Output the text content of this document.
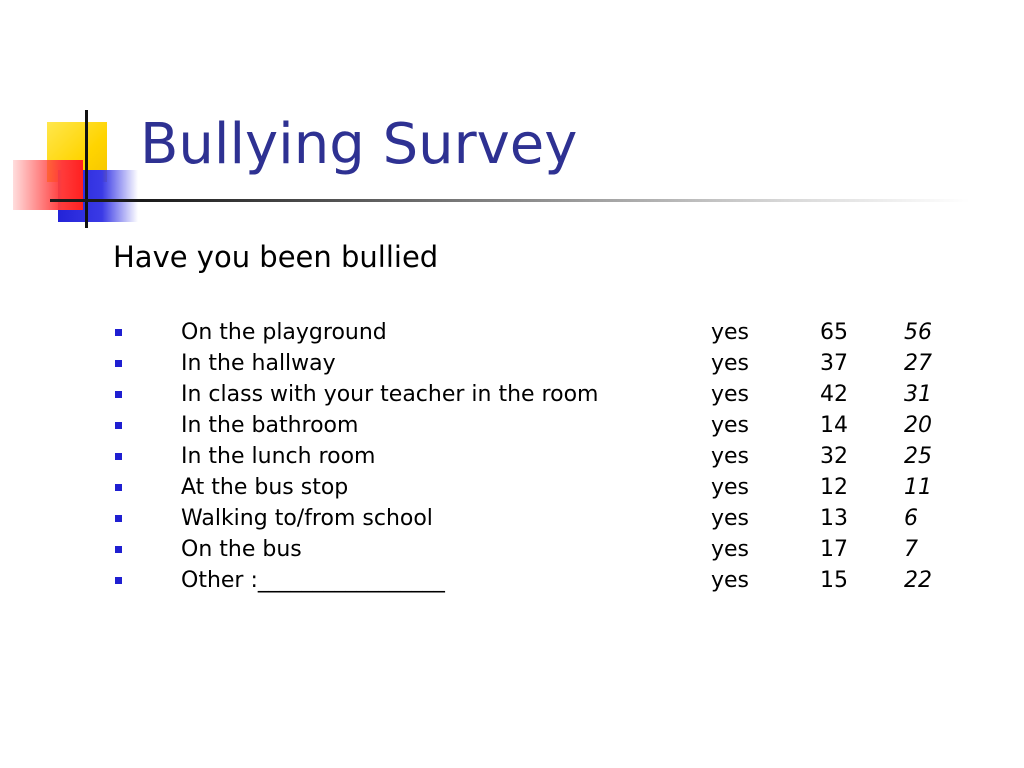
Bullying Survey
Have you been bullied
On the playground	yes	65	56
In the hallway	yes	37	27
In class with your teacher in the room	yes	42	31
In the bathroom	yes	14	20
In the lunch room	yes	32	25
At the bus stop	yes	12	11
Walking to/from school	yes	13	6
On the bus	yes	17	7
Other :_________________	yes	15	22
